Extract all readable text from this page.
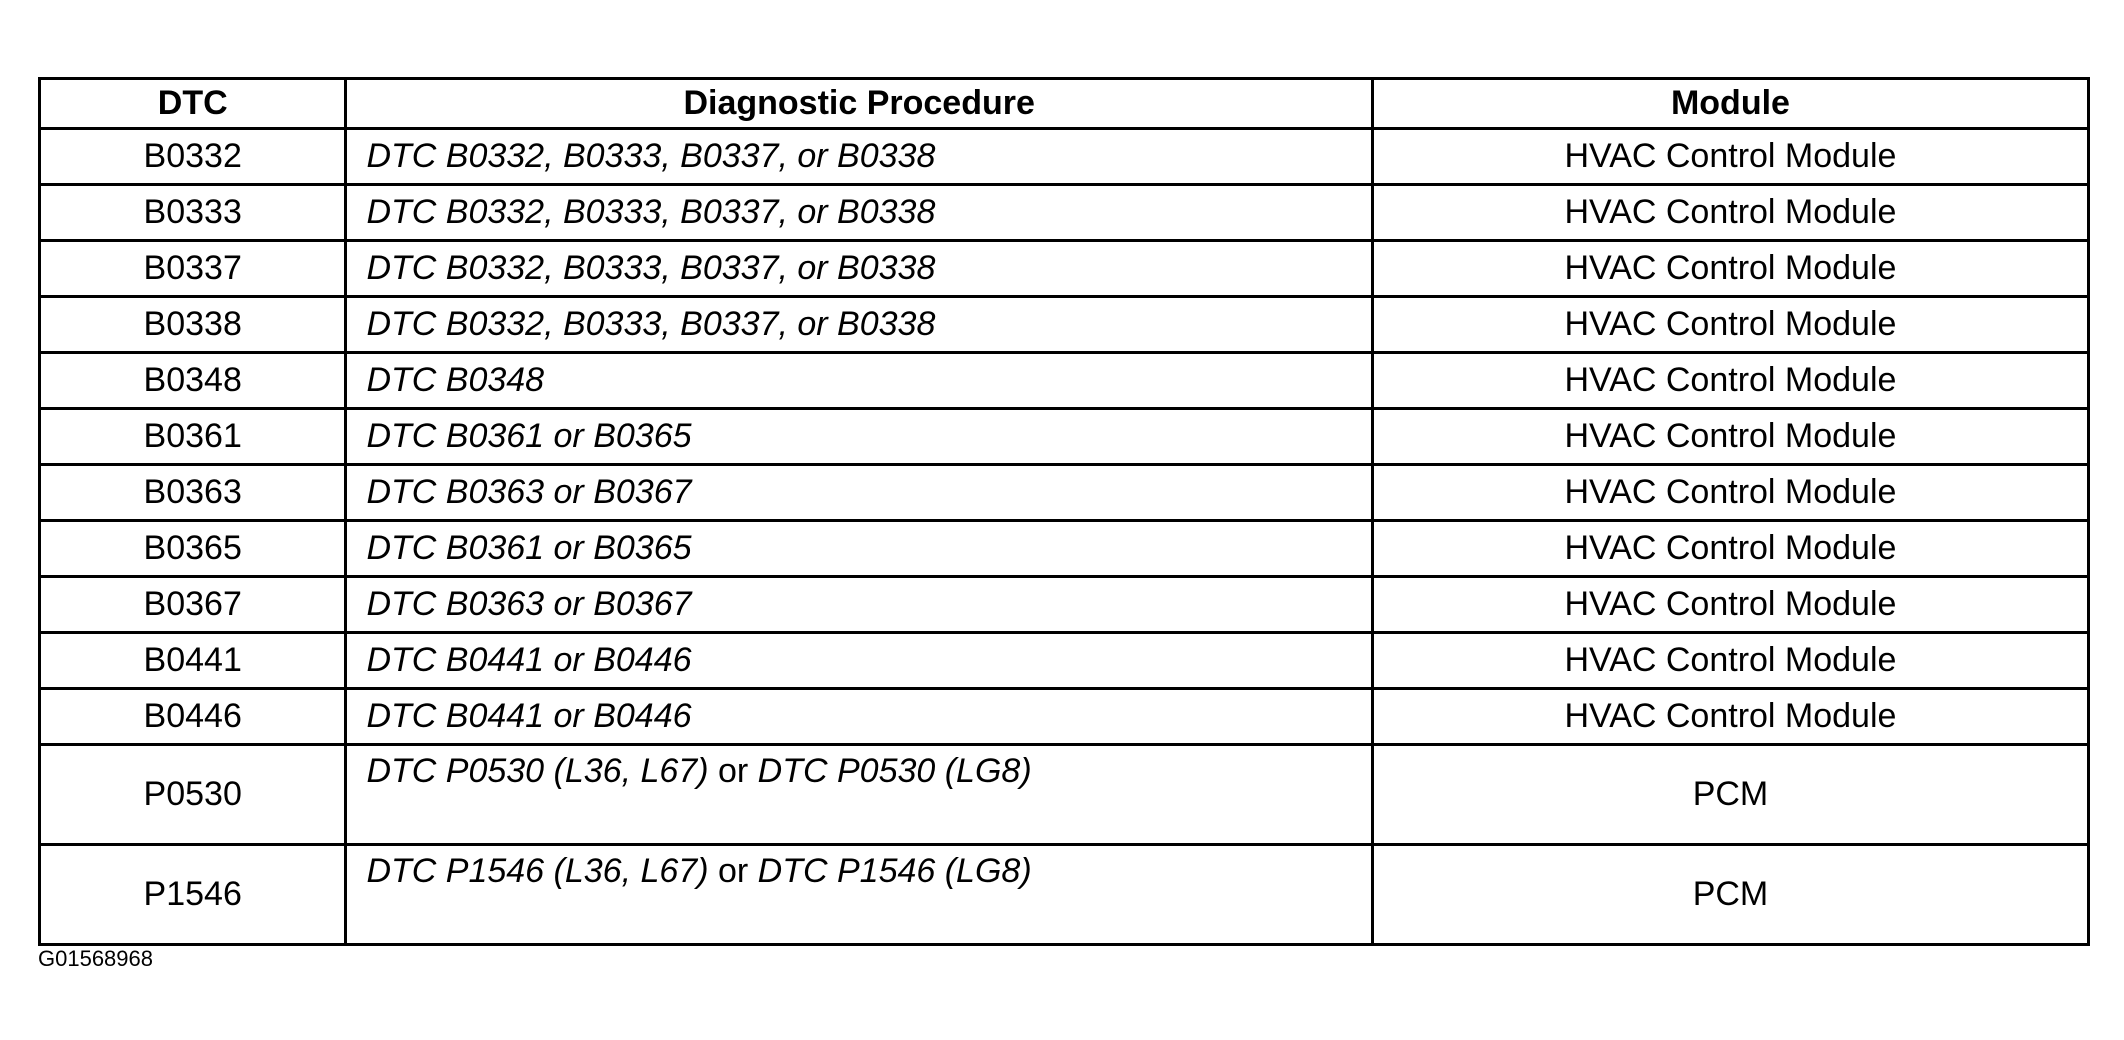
DTC	Diagnostic Procedure	Module
B0332	DTC B0332, B0333, B0337, or B0338	HVAC Control Module
B0333	DTC B0332, B0333, B0337, or B0338	HVAC Control Module
B0337	DTC B0332, B0333, B0337, or B0338	HVAC Control Module
B0338	DTC B0332, B0333, B0337, or B0338	HVAC Control Module
B0348	DTC B0348	HVAC Control Module
B0361	DTC B0361 or B0365	HVAC Control Module
B0363	DTC B0363 or B0367	HVAC Control Module
B0365	DTC B0361 or B0365	HVAC Control Module
B0367	DTC B0363 or B0367	HVAC Control Module
B0441	DTC B0441 or B0446	HVAC Control Module
B0446	DTC B0441 or B0446	HVAC Control Module
P0530	DTC P0530 (L36, L67) or DTC P0530 (LG8)	PCM
P1546	DTC P1546 (L36, L67) or DTC P1546 (LG8)	PCM
G01568968
